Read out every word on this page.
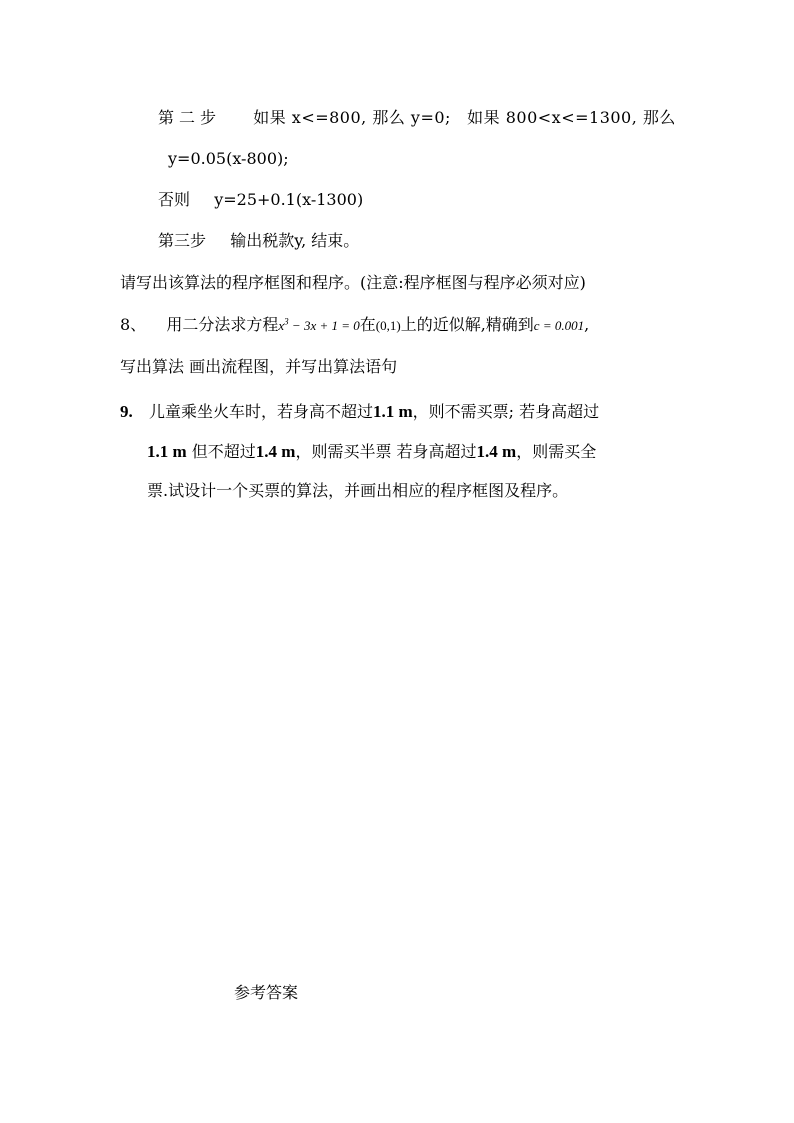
第二步 如果 x<=800, 那么 y=0; 如果 800<x<=1300, 那么
y=0.05(x-800);
否则 y=25+0.1(x-1300)
第三步 输出税款y, 结束。
请写出该算法的程序框图和程序。(注意:程序框图与程序必须对应)
8、 用二分法求方程$x^3 - 3x + 1 = 0$在(0,1)上的近似解,精确到c = 0.001,
写出算法 画出流程图，并写出算法语句
9. 儿童乘坐火车时，若身高不超过1.1 m，则不需买票; 若身高超过
1.1 m 但不超过1.4 m，则需买半票 若身高超过1.4 m，则需买全
票.试设计一个买票的算法，并画出相应的程序框图及程序。
参考答案
